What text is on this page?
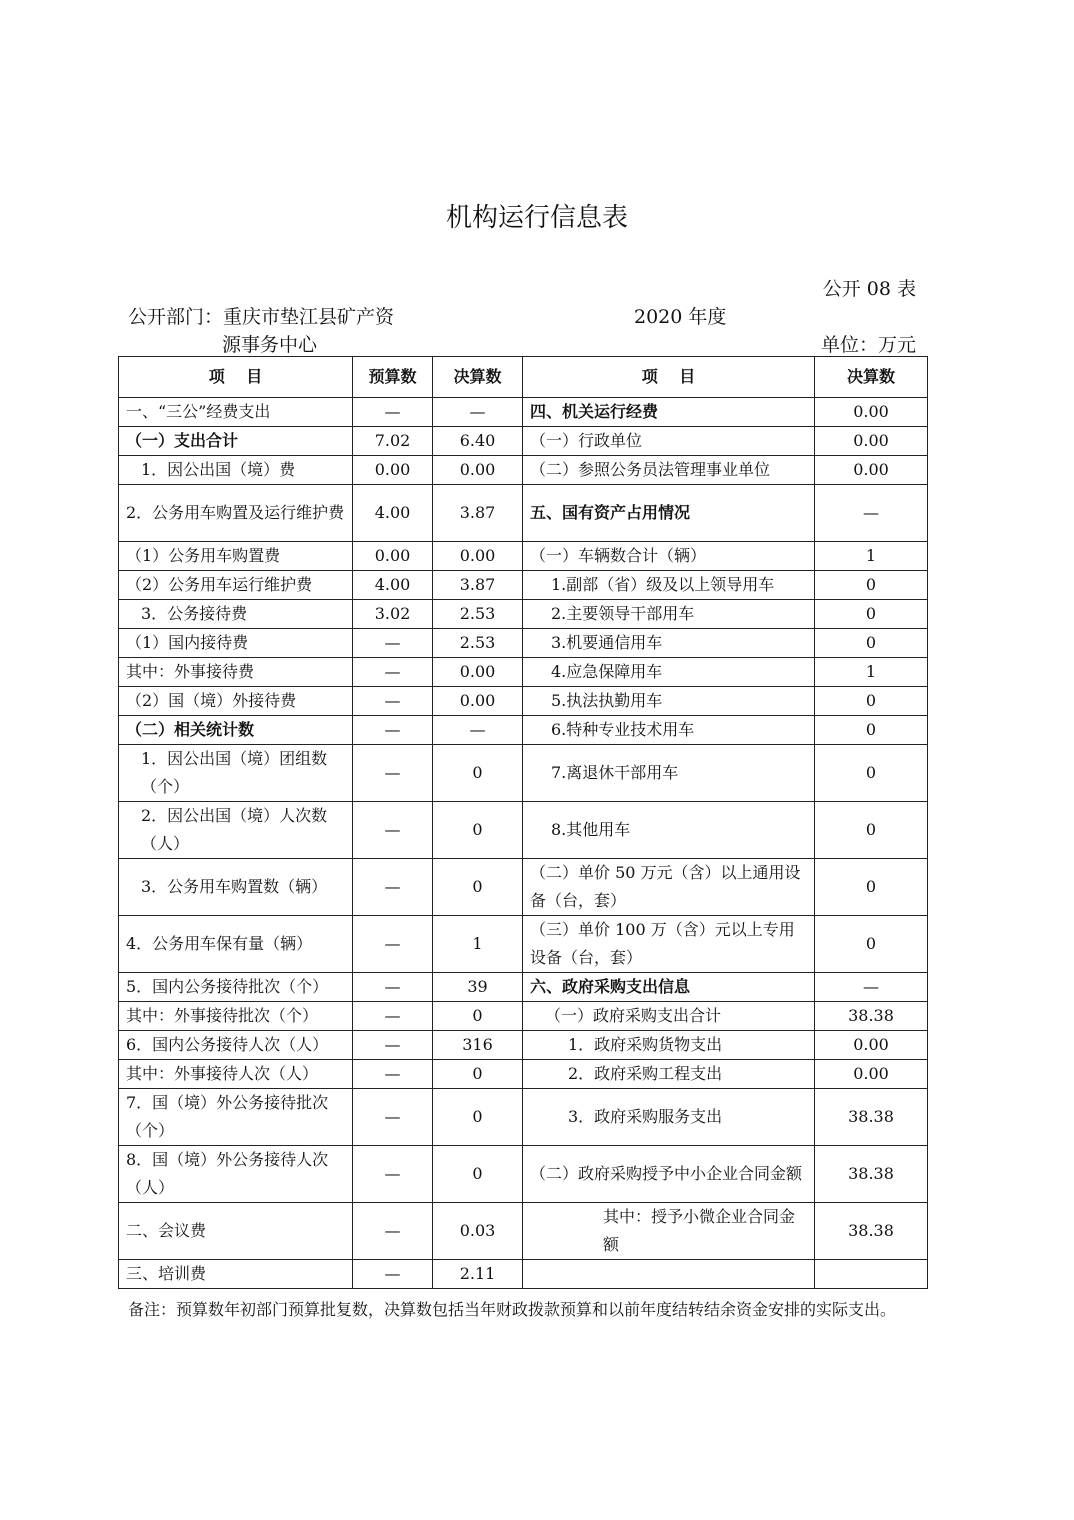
机构运行信息表
公开 08 表
公开部门：重庆市垫江县矿产资
源事务中心
2020 年度
单位：万元
项　 目	预算数	决算数	项　 目	决算数
一、“三公”经费支出	—	—	四、机关运行经费	0.00
（一）支出合计	7.02	6.40	（一）行政单位	0.00
1．因公出国（境）费	0.00	0.00	（二）参照公务员法管理事业单位	0.00
2．公务用车购置及运行维护费	4.00	3.87	五、国有资产占用情况	—
（1）公务用车购置费	0.00	0.00	（一）车辆数合计（辆）	1
（2）公务用车运行维护费	4.00	3.87	1.副部（省）级及以上领导用车	0
3．公务接待费	3.02	2.53	2.主要领导干部用车	0
（1）国内接待费	—	2.53	3.机要通信用车	0
其中：外事接待费	—	0.00	4.应急保障用车	1
（2）国（境）外接待费	—	0.00	5.执法执勤用车	0
（二）相关统计数	—	—	6.特种专业技术用车	0
1．因公出国（境）团组数（个）	—	0	7.离退休干部用车	0
2．因公出国（境）人次数（人）	—	0	8.其他用车	0
3．公务用车购置数（辆）	—	0	（二）单价 50 万元（含）以上通用设备（台，套）	0
4．公务用车保有量（辆）	—	1	（三）单价 100 万（含）元以上专用设备（台，套）	0
5．国内公务接待批次（个）	—	39	六、政府采购支出信息	—
其中：外事接待批次（个）	—	0	（一）政府采购支出合计	38.38
6．国内公务接待人次（人）	—	316	1．政府采购货物支出	0.00
其中：外事接待人次（人）	—	0	2．政府采购工程支出	0.00
7．国（境）外公务接待批次（个）	—	0	3．政府采购服务支出	38.38
8．国（境）外公务接待人次（人）	—	0	（二）政府采购授予中小企业合同金额	38.38
二、会议费	—	0.03	其中：授予小微企业合同金额	38.38
三、培训费	—	2.11		
备注：预算数年初部门预算批复数，决算数包括当年财政拨款预算和以前年度结转结余资金安排的实际支出。
